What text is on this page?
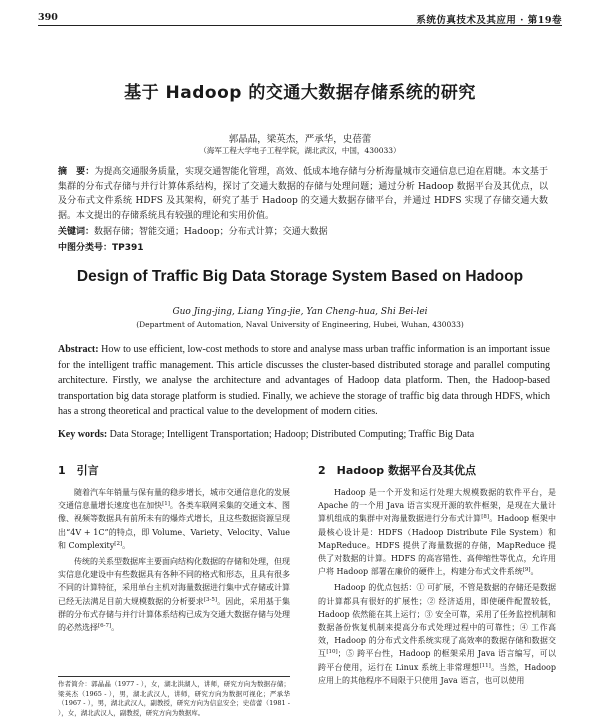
390	系统仿真技术及其应用 · 第19卷
基于 Hadoop 的交通大数据存储系统的研究
郭晶晶，梁英杰，严承华，史蓓蕾
（海军工程大学电子工程学院，湖北武汉，中国，430033）
摘　要：为提高交通服务质量，实现交通智能化管理，高效、低成本地存储与分析海量城市交通信息已迫在眉睫。本文基于集群的分布式存储与并行计算体系结构，探讨了交通大数据的存储与处理问题；通过分析 Hadoop 数据平台及其优点，以及分布式文件系统 HDFS 及其架构，研究了基于 Hadoop 的交通大数据存储平台，并通过 HDFS 实现了存储交通大数据。本文提出的存储系统具有较强的理论和实用价值。
关键词：数据存储；智能交通；Hadoop；分布式计算；交通大数据
中图分类号：TP391
Design of Traffic Big Data Storage System Based on Hadoop
Guo Jing-jing, Liang Ying-jie, Yan Cheng-hua, Shi Bei-lei
(Department of Automation, Naval University of Engineering, Hubei, Wuhan, 430033)
Abstract: How to use efficient, low-cost methods to store and analyse mass urban traffic information is an important issue for the intelligent traffic management. This article discusses the cluster-based distributed storage and parallel computing architecture. Firstly, we analyse the architecture and advantages of Hadoop data platform. Then, the Hadoop-based transportation big data storage platform is studied. Finally, we achieve the storage of traffic big data through HDFS, which has a strong theoretical and practical value to the development of modern cities.
Key words: Data Storage; Intelligent Transportation; Hadoop; Distributed Computing; Traffic Big Data
1　引言	2　Hadoop 数据平台及其优点

随着汽车年销量与保有量的稳步增长，城市交通信息化的发展交通信息量增长速度也在加快[1]。各类车联网采集的交通文本、图像、视频等数据具有前所未有的爆炸式增长，且这些数据资源呈现出“4V + 1C”的特点，即 Volume、Variety、Velocity、Value 和 Complexity[2]。

传统的关系型数据库主要面向结构化数据的存储和处理，但现实信息化建设中有些数据具有各种不同的格式和形态，且具有很多不同的计算特征，采用单台主机对海量数据进行集中式存储或计算已经无法满足目前大规模数据的分析要求[3-5]。因此，采用基于集群的分布式存储与并行计算体系结构已成为交通大数据存储与处理的必然选择[6-7]。

Hadoop 是一个开发和运行处理大规模数据的软件平台，是 Apache 的一个用 Java 语言实现开源的软件框架，是现在大量计算机组成的集群中对海量数据进行分布式计算[8]。Hadoop 框架中最核心设计是：HDFS（Hadoop Distribute File System）和 MapReduce。HDFS 提供了海量数据的存储，MapReduce 提供了对数据的计算。HDFS 的高容错性、高伸缩性等优点，允许用户将 Hadoop 部署在廉价的硬件上，构建分布式文件系统[9]。

Hadoop 的优点包括：① 可扩展，不管是数据的存储还是数据的计算都具有很好的扩展性；② 经济适用，即使硬件配置较低，Hadoop 依然能在其上运行；③ 安全可靠，采用了任务监控机制和数据备份恢复机制来提高分布式处理过程中的可靠性；④ 工作高效，Hadoop 的分布式文件系统实现了高效率的数据存储和数据交互[10]；⑤ 跨平台性，Hadoop 的框架采用 Java 语言编写，可以跨平台使用，运行在 Linux 系统上非常理想[11]。当然，Hadoop 应用上的其他程序不局限于只使用 Java 语言，也可以使用

作者简介：郭晶晶（1977 - ），女，湖北洪湖人，讲师，研究方向为数据存储；梁英杰（1965 - ），男，湖北武汉人，讲师，研究方向为数据可视化；严承华（1967 - ），男，湖北武汉人，副教授，研究方向为信息安全；史蓓蕾（1981 - ），女，湖北武汉人，副教授，研究方向为数据库。
